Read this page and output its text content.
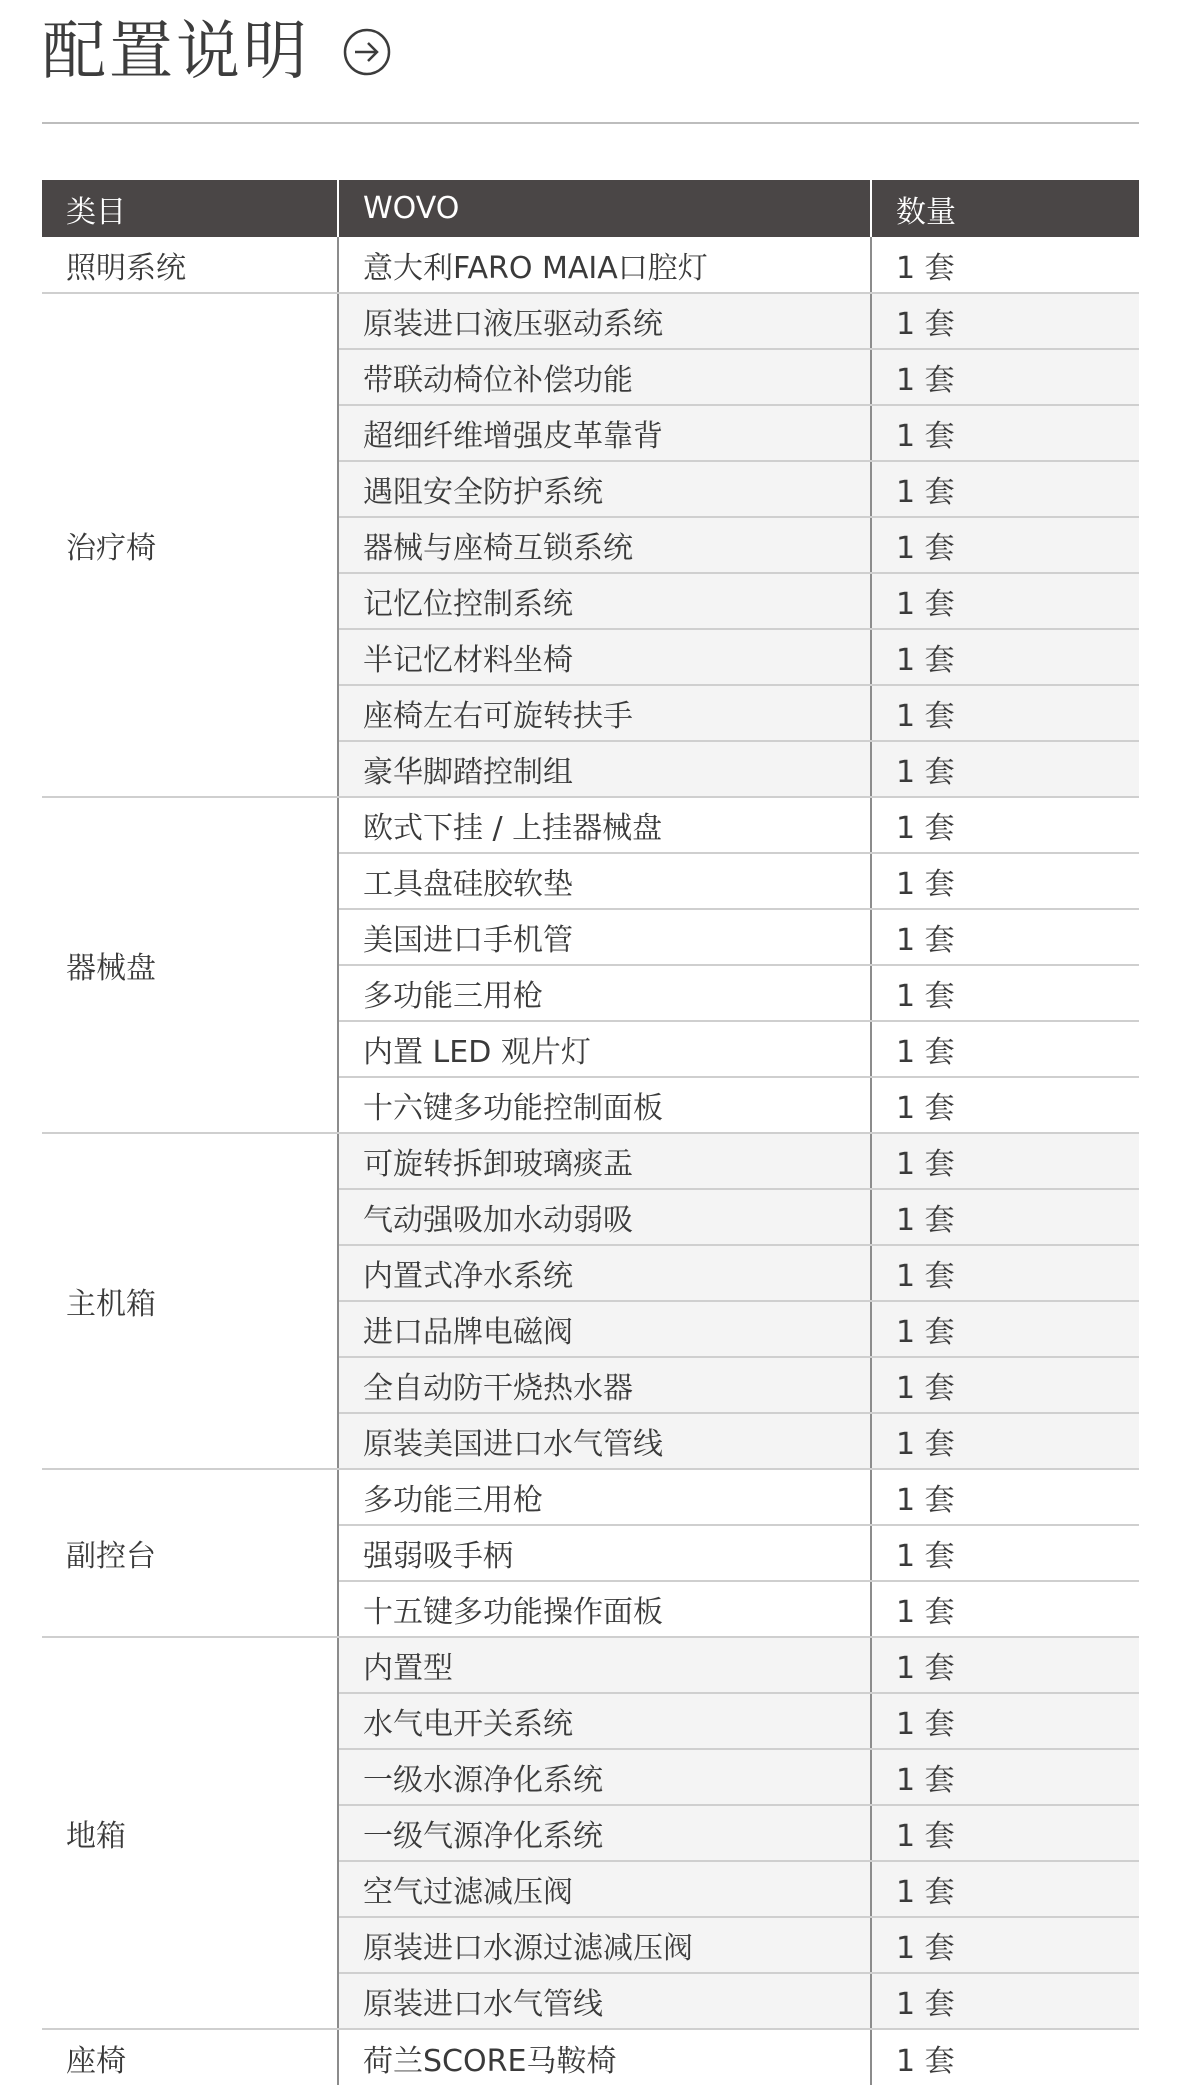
配置说明
类目	WOVO	数量
照明系统	意大利FARO MAIA口腔灯	1 套
治疗椅	原装进口液压驱动系统	1 套
	带联动椅位补偿功能	1 套
	超细纤维增强皮革靠背	1 套
	遇阻安全防护系统	1 套
	器械与座椅互锁系统	1 套
	记忆位控制系统	1 套
	半记忆材料坐椅	1 套
	座椅左右可旋转扶手	1 套
	豪华脚踏控制组	1 套
器械盘	欧式下挂 / 上挂器械盘	1 套
	工具盘硅胶软垫	1 套
	美国进口手机管	1 套
	多功能三用枪	1 套
	内置 LED 观片灯	1 套
	十六键多功能控制面板	1 套
主机箱	可旋转拆卸玻璃痰盂	1 套
	气动强吸加水动弱吸	1 套
	内置式净水系统	1 套
	进口品牌电磁阀	1 套
	全自动防干烧热水器	1 套
	原装美国进口水气管线	1 套
副控台	多功能三用枪	1 套
	强弱吸手柄	1 套
	十五键多功能操作面板	1 套
地箱	内置型	1 套
	水气电开关系统	1 套
	一级水源净化系统	1 套
	一级气源净化系统	1 套
	空气过滤减压阀	1 套
	原装进口水源过滤减压阀	1 套
	原装进口水气管线	1 套
座椅	荷兰SCORE马鞍椅	1 套
